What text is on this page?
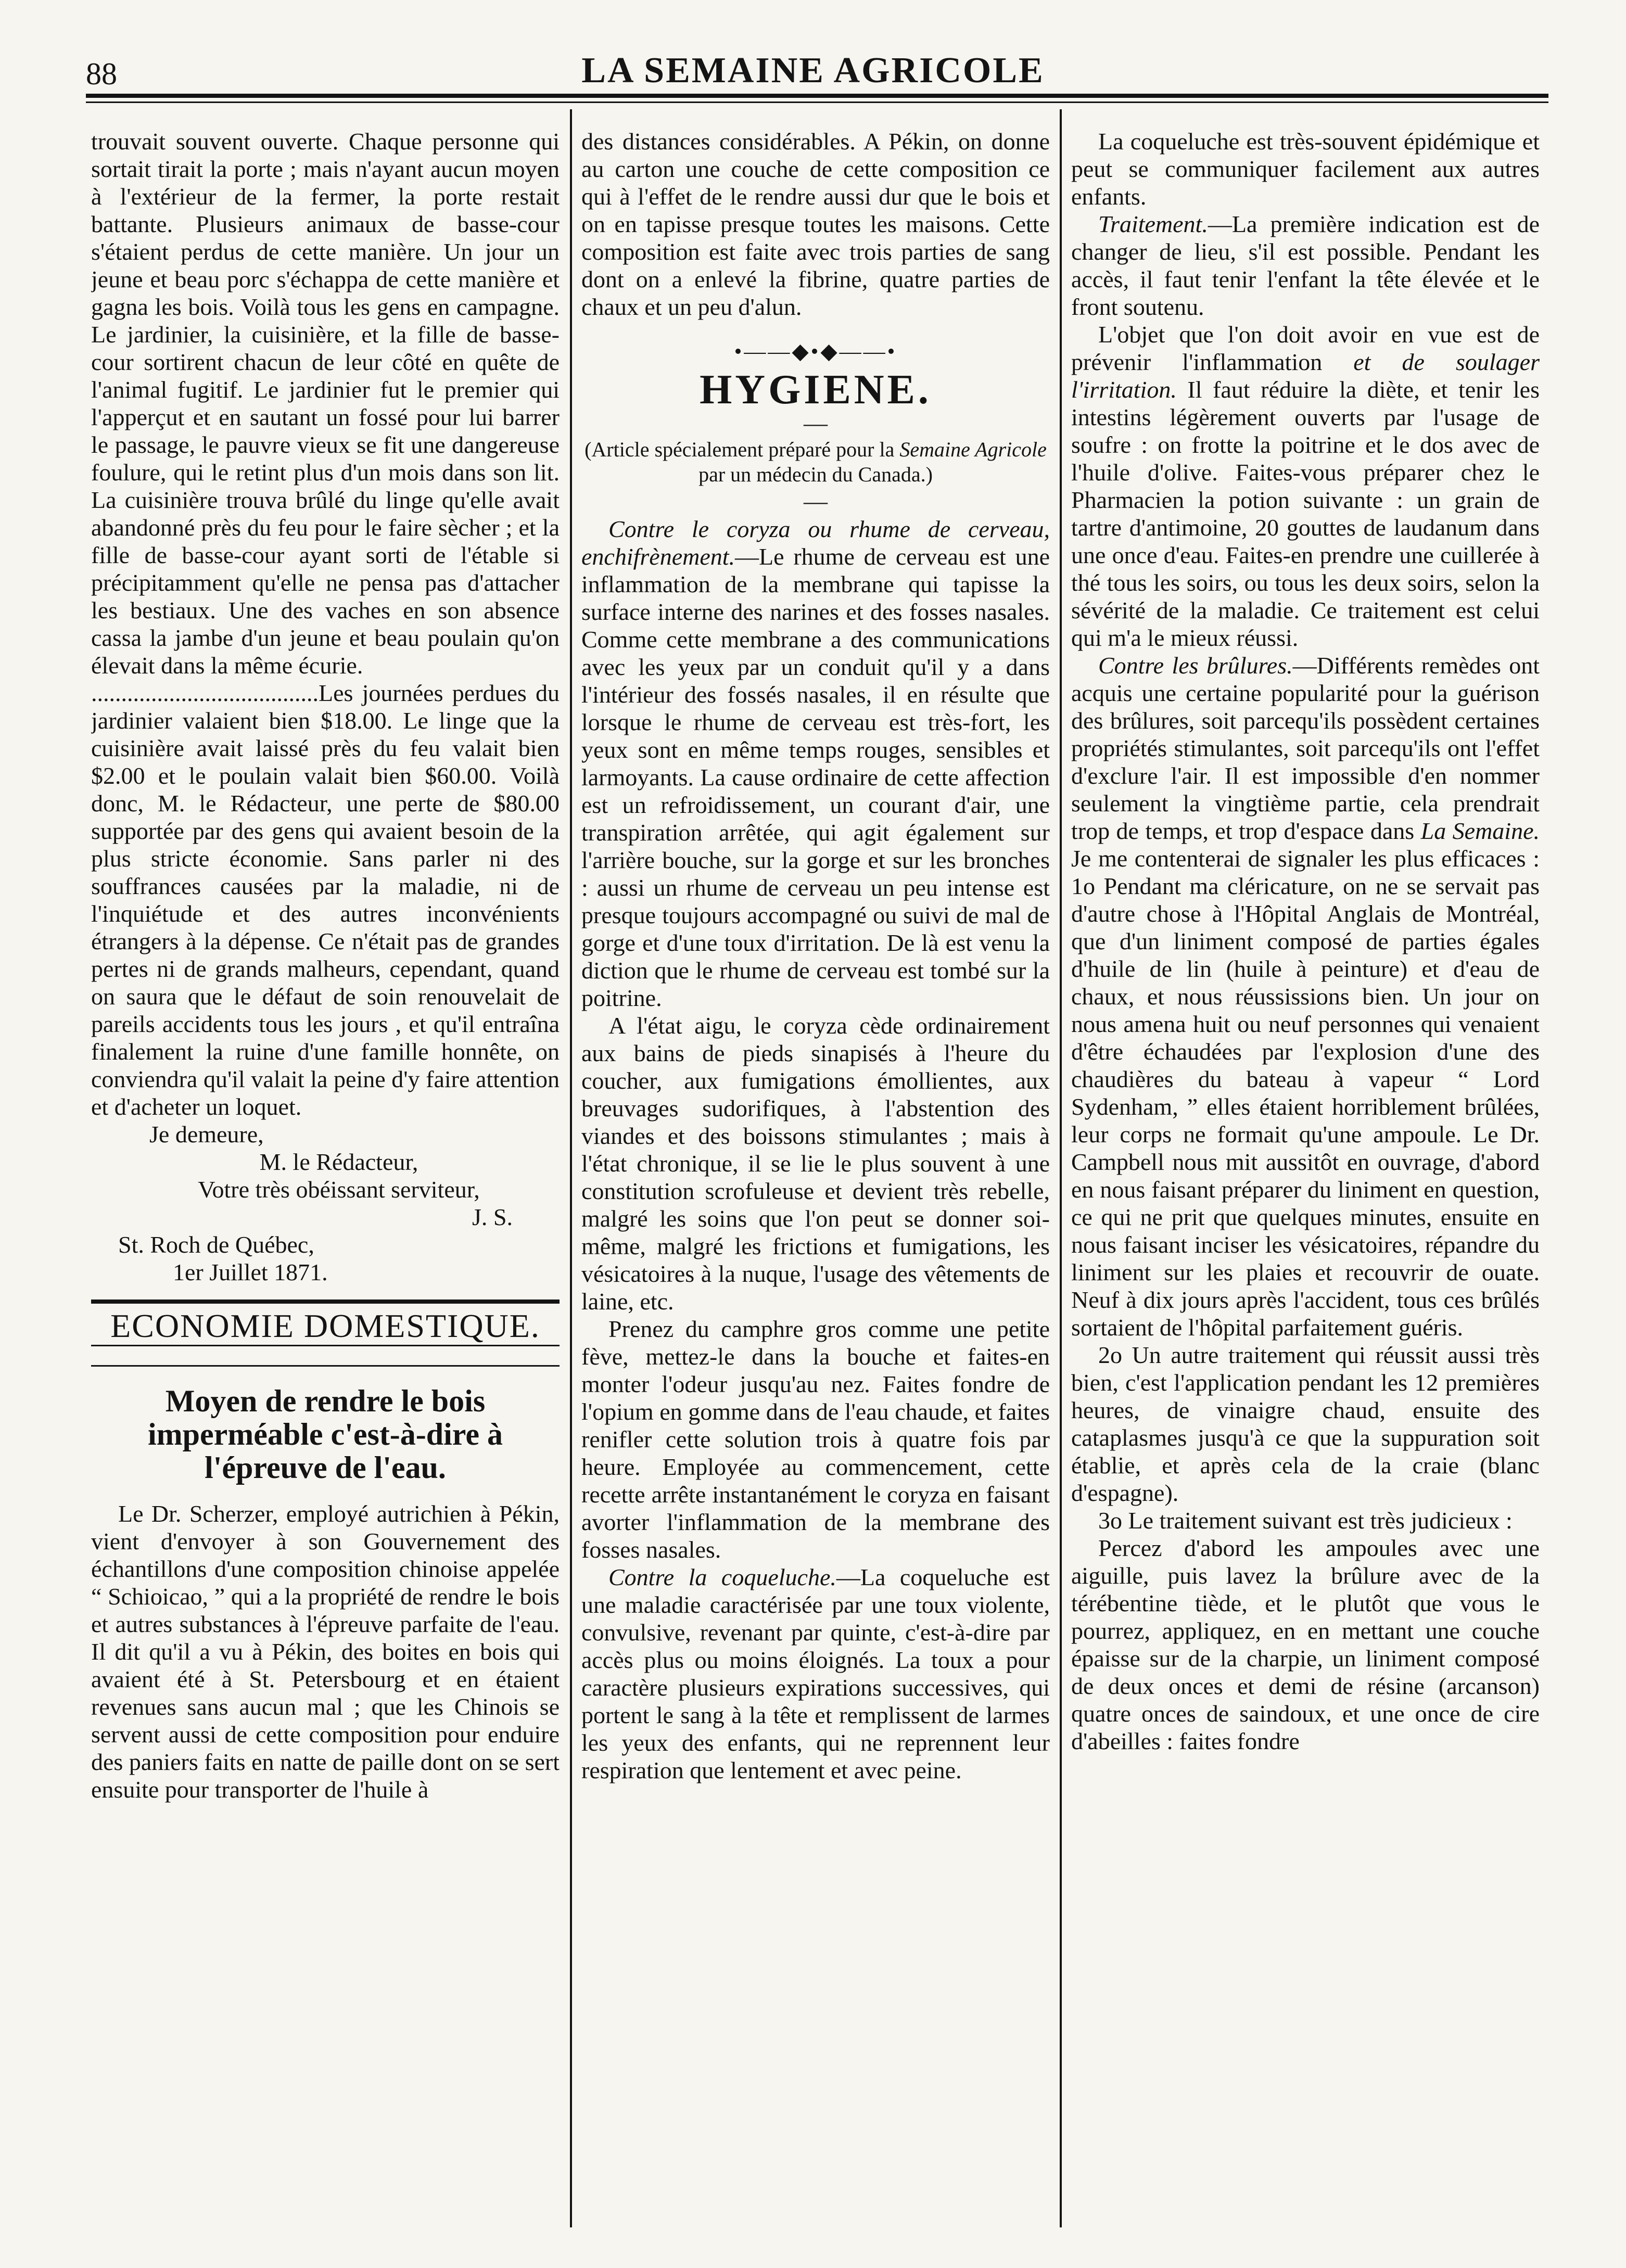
88	LA SEMAINE AGRICOLE

trouvait souvent ouverte. Chaque personne qui sortait tirait la porte ; mais n'ayant aucun moyen à l'extérieur de la fermer, la porte restait battante. Plusieurs animaux de basse-cour s'étaient perdus de cette manière. Un jour un jeune et beau porc s'échappa de cette manière et gagna les bois. Voilà tous les gens en campagne. Le jardinier, la cuisinière, et la fille de basse-cour sortirent chacun de leur côté en quête de l'animal fugitif. Le jardinier fut le premier qui l'apperçut et en sautant un fossé pour lui barrer le passage, le pauvre vieux se fit une dangereuse foulure, qui le retint plus d'un mois dans son lit. La cuisinière trouva brûlé du linge qu'elle avait abandonné près du feu pour le faire sècher ; et la fille de basse-cour ayant sorti de l'étable si précipitamment qu'elle ne pensa pas d'attacher les bestiaux. Une des vaches en son absence cassa la jambe d'un jeune et beau poulain qu'on élevait dans la même écurie.

......................................Les journées perdues du jardinier valaient bien $18.00. Le linge que la cuisinière avait laissé près du feu valait bien $2.00 et le poulain valait bien $60.00. Voilà donc, M. le Rédacteur, une perte de $80.00 supportée par des gens qui avaient besoin de la plus stricte économie. Sans parler ni des souffrances causées par la maladie, ni de l'inquiétude et des autres inconvénients étrangers à la dépense. Ce n'était pas de grandes pertes ni de grands malheurs, cependant, quand on saura que le défaut de soin renouvelait de pareils accidents tous les jours , et qu'il entraîna finalement la ruine d'une famille honnête, on conviendra qu'il valait la peine d'y faire attention et d'acheter un loquet.

Je demeure,

M. le Rédacteur,

Votre très obéissant serviteur,

J. S.

St. Roch de Québec,

1er Juillet 1871.

ECONOMIE DOMESTIQUE.
Moyen de rendre le bois imperméable c'est-à-dire à l'épreuve de l'eau.

Le Dr. Scherzer, employé autrichien à Pékin, vient d'envoyer à son Gouvernement des échantillons d'une composition chinoise appelée “ Schioicao, ” qui a la propriété de rendre le bois et autres substances à l'épreuve parfaite de l'eau. Il dit qu'il a vu à Pékin, des boites en bois qui avaient été à St. Petersbourg et en étaient revenues sans aucun mal ; que les Chinois se servent aussi de cette composition pour enduire des paniers faits en natte de paille dont on se sert ensuite pour transporter de l'huile à

des distances considérables. A Pékin, on donne au carton une couche de cette composition ce qui à l'effet de le rendre aussi dur que le bois et on en tapisse presque toutes les maisons. Cette composition est faite avec trois parties de sang dont on a enlevé la fibrine, quatre parties de chaux et un peu d'alun.

•——◆•◆——•
HYGIENE.
—

(Article spécialement préparé pour la Semaine Agricole par un médecin du Canada.)

—

Contre le coryza ou rhume de cerveau, enchifrènement.—Le rhume de cerveau est une inflammation de la membrane qui tapisse la surface interne des narines et des fosses nasales. Comme cette membrane a des communications avec les yeux par un conduit qu'il y a dans l'intérieur des fossés nasales, il en résulte que lorsque le rhume de cerveau est très-fort, les yeux sont en même temps rouges, sensibles et larmoyants. La cause ordinaire de cette affection est un refroidissement, un courant d'air, une transpiration arrêtée, qui agit également sur l'arrière bouche, sur la gorge et sur les bronches : aussi un rhume de cerveau un peu intense est presque toujours accompagné ou suivi de mal de gorge et d'une toux d'irritation. De là est venu la diction que le rhume de cerveau est tombé sur la poitrine.

A l'état aigu, le coryza cède ordinairement aux bains de pieds sinapisés à l'heure du coucher, aux fumigations émollientes, aux breuvages sudorifiques, à l'abstention des viandes et des boissons stimulantes ; mais à l'état chronique, il se lie le plus souvent à une constitution scrofuleuse et devient très rebelle, malgré les soins que l'on peut se donner soi-même, malgré les frictions et fumigations, les vésicatoires à la nuque, l'usage des vêtements de laine, etc.

Prenez du camphre gros comme une petite fève, mettez-le dans la bouche et faites-en monter l'odeur jusqu'au nez. Faites fondre de l'opium en gomme dans de l'eau chaude, et faites renifler cette solution trois à quatre fois par heure. Employée au commencement, cette recette arrête instantanément le coryza en faisant avorter l'inflammation de la membrane des fosses nasales.

Contre la coqueluche.—La coqueluche est une maladie caractérisée par une toux violente, convulsive, revenant par quinte, c'est-à-dire par accès plus ou moins éloignés. La toux a pour caractère plusieurs expirations successives, qui portent le sang à la tête et remplissent de larmes les yeux des enfants, qui ne reprennent leur respiration que lentement et avec peine.

La coqueluche est très-souvent épidémique et peut se communiquer facilement aux autres enfants.

Traitement.—La première indication est de changer de lieu, s'il est possible. Pendant les accès, il faut tenir l'enfant la tête élevée et le front soutenu.

L'objet que l'on doit avoir en vue est de prévenir l'inflammation et de soulager l'irritation. Il faut réduire la diète, et tenir les intestins légèrement ouverts par l'usage de soufre : on frotte la poitrine et le dos avec de l'huile d'olive. Faites-vous préparer chez le Pharmacien la potion suivante : un grain de tartre d'antimoine, 20 gouttes de laudanum dans une once d'eau. Faites-en prendre une cuillerée à thé tous les soirs, ou tous les deux soirs, selon la sévérité de la maladie. Ce traitement est celui qui m'a le mieux réussi.

Contre les brûlures.—Différents remèdes ont acquis une certaine popularité pour la guérison des brûlures, soit parcequ'ils possèdent certaines propriétés stimulantes, soit parcequ'ils ont l'effet d'exclure l'air. Il est impossible d'en nommer seulement la vingtième partie, cela prendrait trop de temps, et trop d'espace dans La Semaine. Je me contenterai de signaler les plus efficaces : 1o Pendant ma cléricature, on ne se servait pas d'autre chose à l'Hôpital Anglais de Montréal, que d'un liniment composé de parties égales d'huile de lin (huile à peinture) et d'eau de chaux, et nous réussissions bien. Un jour on nous amena huit ou neuf personnes qui venaient d'être échaudées par l'explosion d'une des chaudières du bateau à vapeur “ Lord Sydenham, ” elles étaient horriblement brûlées, leur corps ne formait qu'une ampoule. Le Dr. Campbell nous mit aussitôt en ouvrage, d'abord en nous faisant préparer du liniment en question, ce qui ne prit que quelques minutes, ensuite en nous faisant inciser les vésicatoires, répandre du liniment sur les plaies et recouvrir de ouate. Neuf à dix jours après l'accident, tous ces brûlés sortaient de l'hôpital parfaitement guéris.

2o Un autre traitement qui réussit aussi très bien, c'est l'application pendant les 12 premières heures, de vinaigre chaud, ensuite des cataplasmes jusqu'à ce que la suppuration soit établie, et après cela de la craie (blanc d'espagne).

3o Le traitement suivant est très judicieux :

Percez d'abord les ampoules avec une aiguille, puis lavez la brûlure avec de la térébentine tiède, et le plutôt que vous le pourrez, appliquez, en en mettant une couche épaisse sur de la charpie, un liniment composé de deux onces et demi de résine (arcanson) quatre onces de saindoux, et une once de cire d'abeilles : faites fondre
